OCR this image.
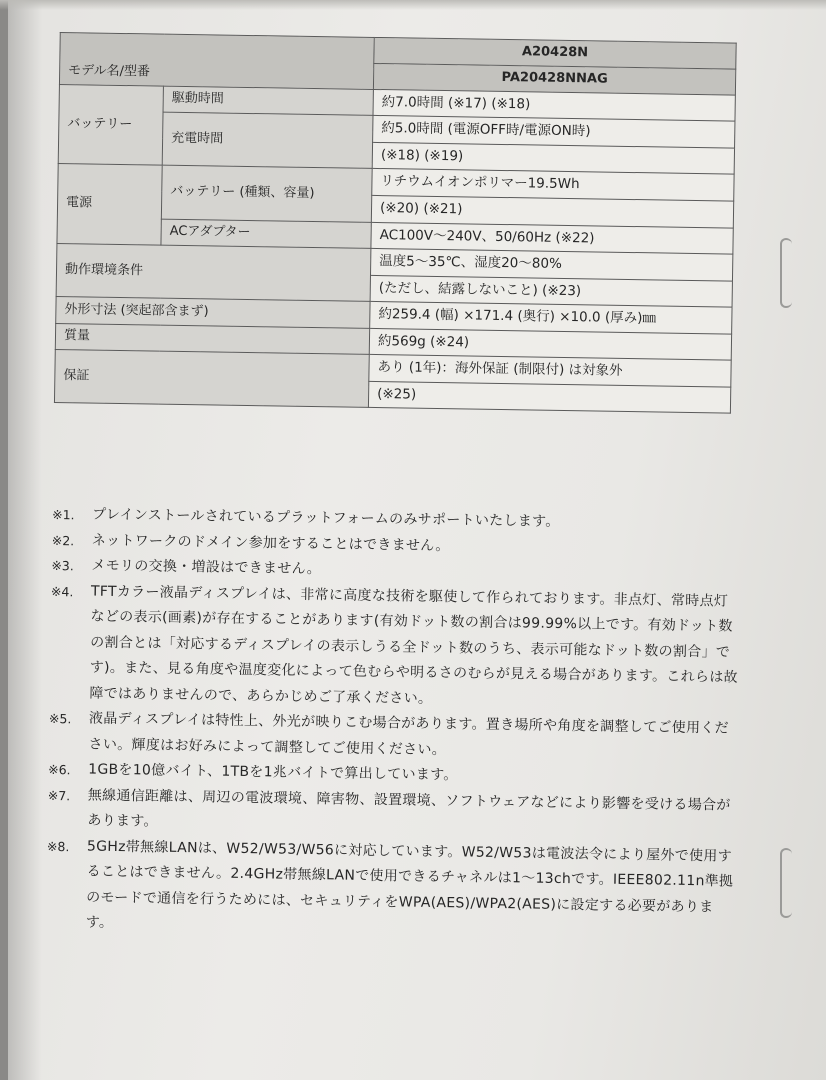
モデル名/型番		A20428N
		PA20428NNAG
バッテリー	駆動時間	約7.0時間 (※17) (※18)
	充電時間	約5.0時間 (電源OFF時/電源ON時)
		(※18) (※19)
電源	バッテリー (種類、容量)	リチウムイオンポリマー19.5Wh
		(※20) (※21)
	ACアダプター	AC100V～240V、50/60Hz (※22)
動作環境条件		温度5～35℃、湿度20～80%
		(ただし、結露しないこと) (※23)
外形寸法 (突起部含まず)		約259.4 (幅) ×171.4 (奥行) ×10.0 (厚み)㎜
質量		約569g (※24)
保証		あり (1年)：海外保証 (制限付) は対象外
		(※25)
※1.	プレインストールされているプラットフォームのみサポートいたします。
※2.	ネットワークのドメイン参加をすることはできません。
※3.	メモリの交換・増設はできません。
※4.	TFTカラー液晶ディスプレイは、非常に高度な技術を駆使して作られております。非点灯、常時点灯などの表示(画素)が存在することがあります(有効ドット数の割合は99.99%以上です。有効ドット数の割合とは「対応するディスプレイの表示しうる全ドット数のうち、表示可能なドット数の割合」です)。また、見る角度や温度変化によって色むらや明るさのむらが見える場合があります。これらは故障ではありませんので、あらかじめご了承ください。
※5.	液晶ディスプレイは特性上、外光が映りこむ場合があります。置き場所や角度を調整してご使用ください。輝度はお好みによって調整してご使用ください。
※6.	1GBを10億バイト、1TBを1兆バイトで算出しています。
※7.	無線通信距離は、周辺の電波環境、障害物、設置環境、ソフトウェアなどにより影響を受ける場合があります。
※8.	5GHz帯無線LANは、W52/W53/W56に対応しています。W52/W53は電波法令により屋外で使用することはできません。2.4GHz帯無線LANで使用できるチャネルは1～13chです。IEEE802.11n準拠のモードで通信を行うためには、セキュリティをWPA(AES)/WPA2(AES)に設定する必要があります。
